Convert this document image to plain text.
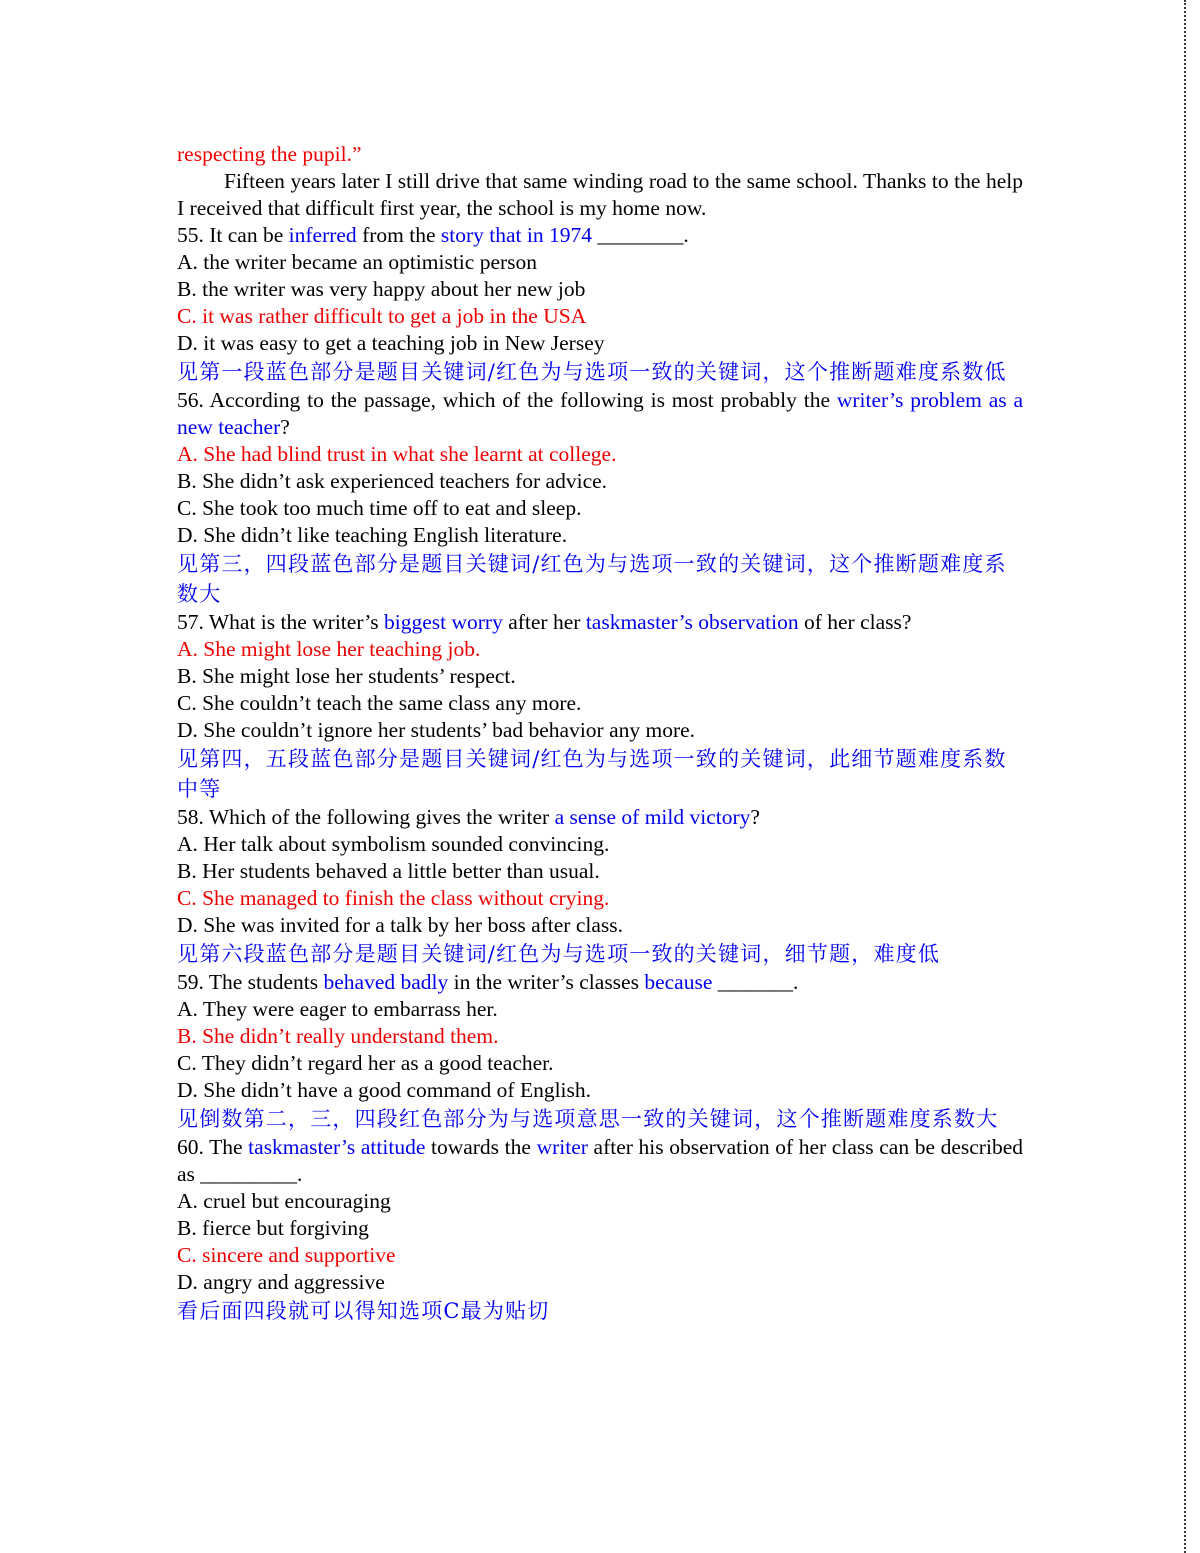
respecting the pupil.”
Fifteen years later I still drive that same winding road to the same school. Thanks to the help I received that difficult first year, the school is my home now.
55. It can be inferred from the story that in 1974 ________.
A. the writer became an optimistic person
B. the writer was very happy about her new job
C. it was rather difficult to get a job in the USA
D. it was easy to get a teaching job in New Jersey
见第一段蓝色部分是题目关键词/红色为与选项一致的关键词，这个推断题难度系数低
56. According to the passage, which of the following is most probably the writer’s problem as a new teacher?
A. She had blind trust in what she learnt at college.
B. She didn’t ask experienced teachers for advice.
C. She took too much time off to eat and sleep.
D. She didn’t like teaching English literature.
见第三，四段蓝色部分是题目关键词/红色为与选项一致的关键词，这个推断题难度系数大
57. What is the writer’s biggest worry after her taskmaster’s observation of her class?
A. She might lose her teaching job.
B. She might lose her students’ respect.
C. She couldn’t teach the same class any more.
D. She couldn’t ignore her students’ bad behavior any more.
见第四，五段蓝色部分是题目关键词/红色为与选项一致的关键词，此细节题难度系数中等
58. Which of the following gives the writer a sense of mild victory?
A. Her talk about symbolism sounded convincing.
B. Her students behaved a little better than usual.
C. She managed to finish the class without crying.
D. She was invited for a talk by her boss after class.
见第六段蓝色部分是题目关键词/红色为与选项一致的关键词，细节题，难度低
59. The students behaved badly in the writer’s classes because _______.
A. They were eager to embarrass her.
B. She didn’t really understand them.
C. They didn’t regard her as a good teacher.
D. She didn’t have a good command of English.
见倒数第二，三，四段红色部分为与选项意思一致的关键词，这个推断题难度系数大
60. The taskmaster’s attitude towards the writer after his observation of her class can be described as _________.
A. cruel but encouraging
B. fierce but forgiving
C. sincere and supportive
D. angry and aggressive
看后面四段就可以得知选项C最为贴切
